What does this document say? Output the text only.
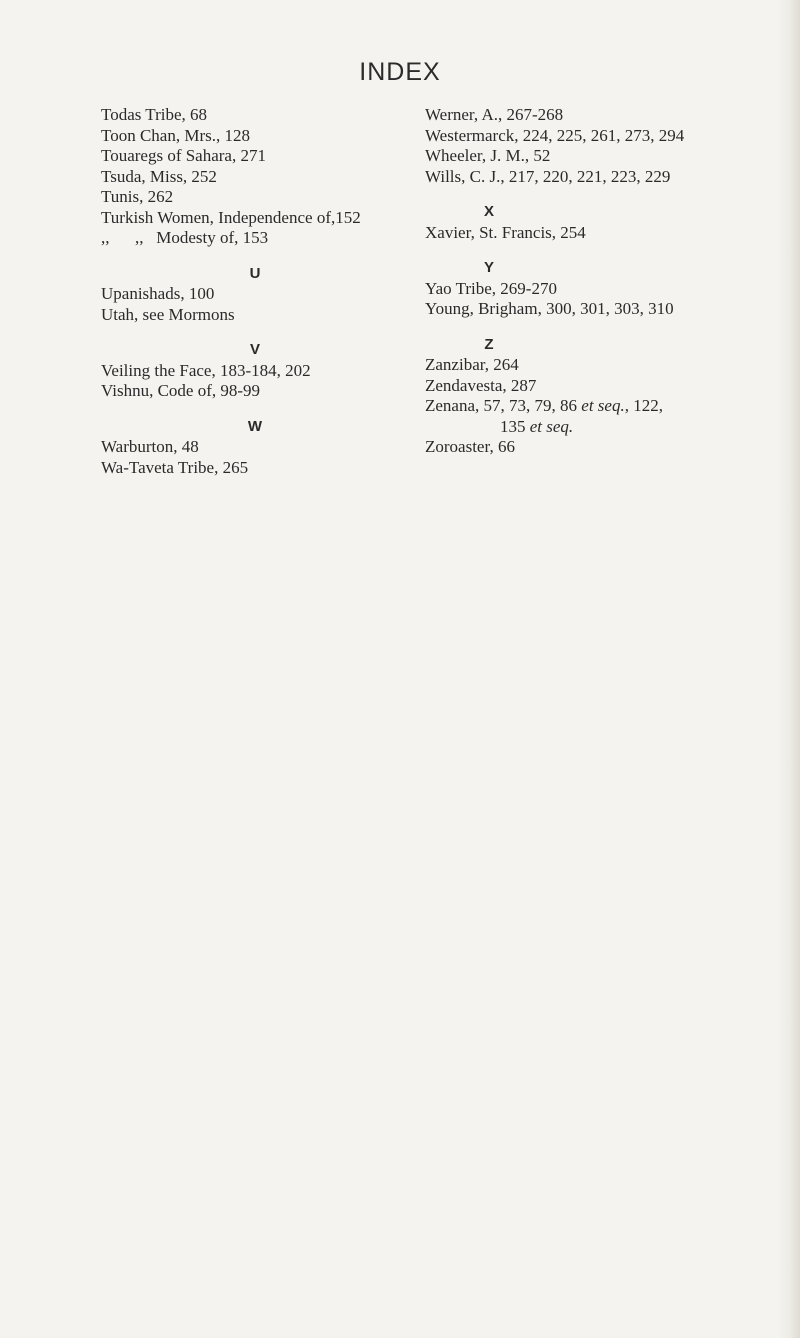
INDEX
Todas Tribe, 68
Toon Chan, Mrs., 128
Touaregs of Sahara, 271
Tsuda, Miss, 252
Tunis, 262
Turkish Women, Independence of,152
,,      ,,   Modesty of, 153
U
Upanishads, 100
Utah, see Mormons
V
Veiling the Face, 183-184, 202
Vishnu, Code of, 98-99
W
Warburton, 48
Wa-Taveta Tribe, 265
Werner, A., 267-268
Westermarck, 224, 225, 261, 273, 294
Wheeler, J. M., 52
Wills, C. J., 217, 220, 221, 223, 229
X
Xavier, St. Francis, 254
Y
Yao Tribe, 269-270
Young, Brigham, 300, 301, 303, 310
Z
Zanzibar, 264
Zendavesta, 287
Zenana, 57, 73, 79, 86 et seq., 122,
135 et seq.
Zoroaster, 66
